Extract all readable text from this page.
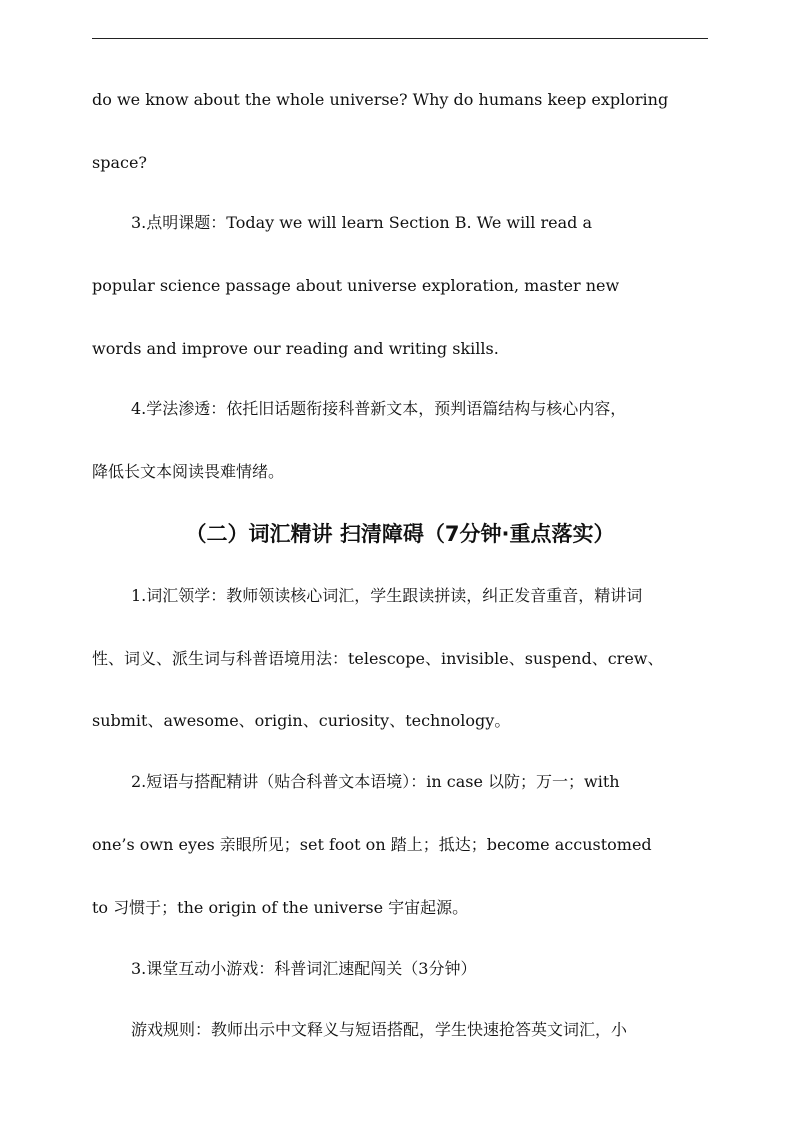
do we know about the whole universe? Why do humans keep exploring
space?
3.点明课题：Today we will learn Section B. We will read a
popular science passage about universe exploration, master new
words and improve our reading and writing skills.
4.学法渗透：依托旧话题衔接科普新文本，预判语篇结构与核心内容，
降低长文本阅读畏难情绪。
（二）词汇精讲 扫清障碍（7分钟·重点落实）
1.词汇领学：教师领读核心词汇，学生跟读拼读，纠正发音重音，精讲词
性、词义、派生词与科普语境用法：telescope、invisible、suspend、crew、
submit、awesome、origin、curiosity、technology。
2.短语与搭配精讲（贴合科普文本语境）：in case 以防；万一；with
one’s own eyes 亲眼所见；set foot on 踏上；抵达；become accustomed
to 习惯于；the origin of the universe 宇宙起源。
3.课堂互动小游戏：科普词汇速配闯关（3分钟）
游戏规则：教师出示中文释义与短语搭配，学生快速抢答英文词汇，小
